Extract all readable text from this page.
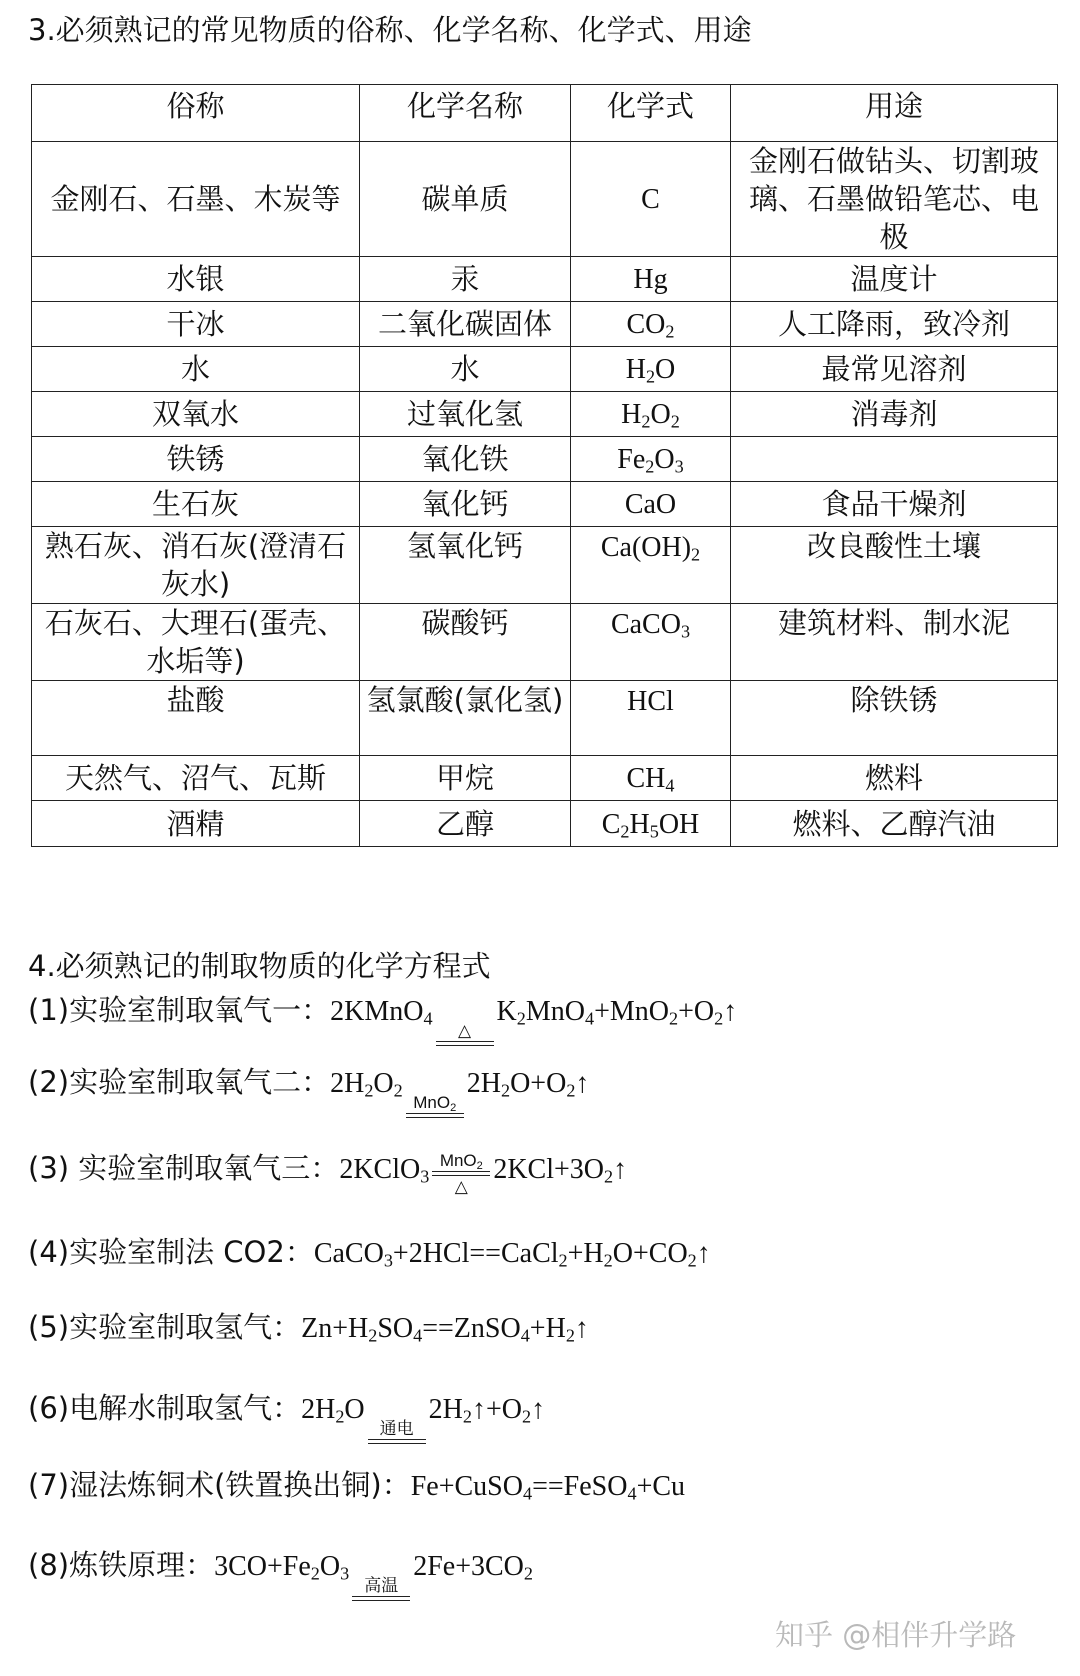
3.必须熟记的常见物质的俗称、化学名称、化学式、用途
俗称	化学名称	化学式	用途
金刚石、石墨、木炭等	碳单质	C	金刚石做钻头、切割玻璃、石墨做铅笔芯、电极
水银	汞	Hg	温度计
干冰	二氧化碳固体	$CO_2$	人工降雨，致冷剂
水	水	$H_2O$	最常见溶剂
双氧水	过氧化氢	$H_2O_2$	消毒剂
铁锈	氧化铁	$Fe_2O_3$	
生石灰	氧化钙	CaO	食品干燥剂
熟石灰、消石灰(澄清石灰水)	氢氧化钙	$Ca(OH)_2$	改良酸性土壤
石灰石、大理石(蛋壳、水垢等)	碳酸钙	CaCO$_3$	建筑材料、制水泥
盐酸	氢氯酸(氯化氢)	HCl	除铁锈
天然气、沼气、瓦斯	甲烷	$CH_4$	燃料
酒精	乙醇	$C_2H_5OH$	燃料、乙醇汽油
4.必须熟记的制取物质的化学方程式
(1)实验室制取氧气一：2KMnO$_4$
△
$K_2MnO_4+MnO_2+O_2↑$
(2)实验室制取氧气二：$2H_2O_2$
MnO$_2$
$2H_2O+O_2↑$
(3) 实验室制取氧气三：2KClO$_3$
MnO$_2$
△
$2KCl+3O_2↑$
(4)实验室制法 CO2：$CaCO_3+2HCl==CaCl_2+H_2O+CO_2↑$
(5)实验室制取氢气：$Zn+H_2SO_4==ZnSO_4+H_2↑$
(6)电解水制取氢气：$2H_2O$
通电
$2H_2↑+O_2↑$
(7)湿法炼铜术(铁置换出铜)：Fe+CuSO$_4$==FeSO$_4$+Cu
(8)炼铁原理：$3CO+Fe_2O_3$
高温
$2Fe+3CO_2$
知乎 @相伴升学路
